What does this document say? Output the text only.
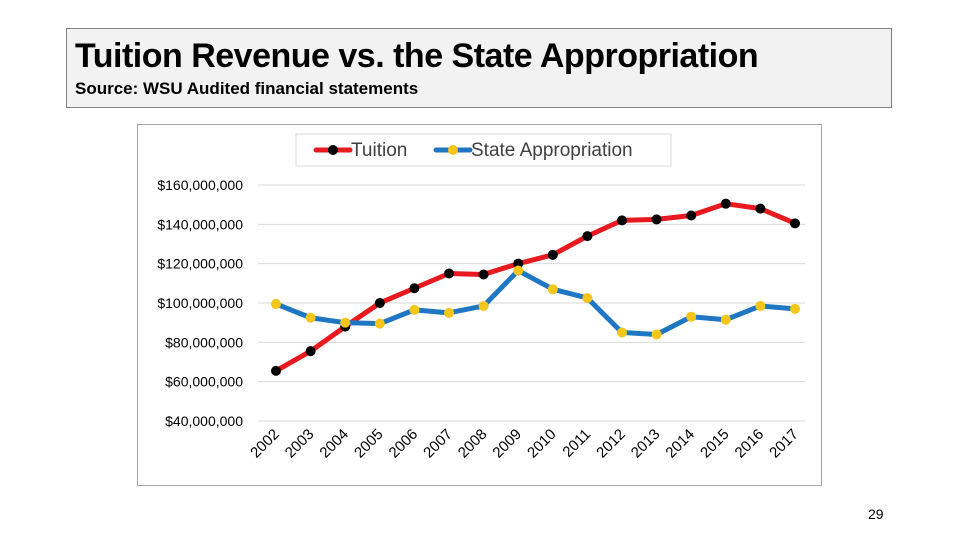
Tuition Revenue vs. the State Appropriation
Source: WSU Audited financial statements
$40,000,000
$60,000,000
$80,000,000
$100,000,000
$120,000,000
$140,000,000
$160,000,000
2002
2003
2004
2005
2006
2007
2008
2009
2010 2011
2012
2013
2014
2015
2016
2017
Tuition	State Appropriation
29
